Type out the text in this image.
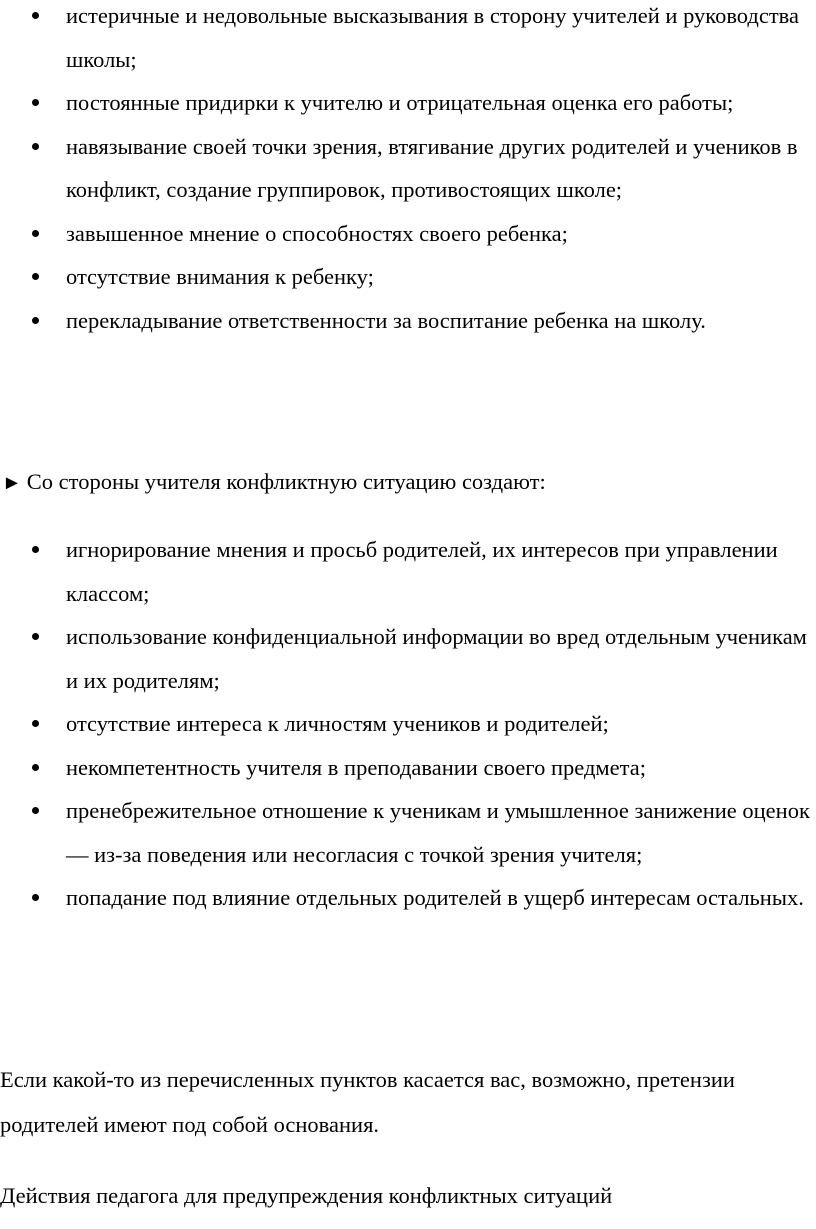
истеричные и недовольные высказывания в сторону учителей и руководства школы;
постоянные придирки к учителю и отрицательная оценка его работы;
навязывание своей точки зрения, втягивание других родителей и учеников в конфликт, создание группировок, противостоящих школе;
завышенное мнение о способностях своего ребенка;
отсутствие внимания к ребенку;
перекладывание ответственности за воспитание ребенка на школу.
► Со стороны учителя конфликтную ситуацию создают:
игнорирование мнения и просьб родителей, их интересов при управлении классом;
использование конфиденциальной информации во вред отдельным ученикам и их родителям;
отсутствие интереса к личностям учеников и родителей;
некомпетентность учителя в преподавании своего предмета;
пренебрежительное отношение к ученикам и умышленное занижение оценок — из-за поведения или несогласия с точкой зрения учителя;
попадание под влияние отдельных родителей в ущерб интересам остальных.

Если какой-то из перечисленных пунктов касается вас, возможно, претензии родителей имеют под собой основания.

Действия педагога для предупреждения конфликтных ситуаций
